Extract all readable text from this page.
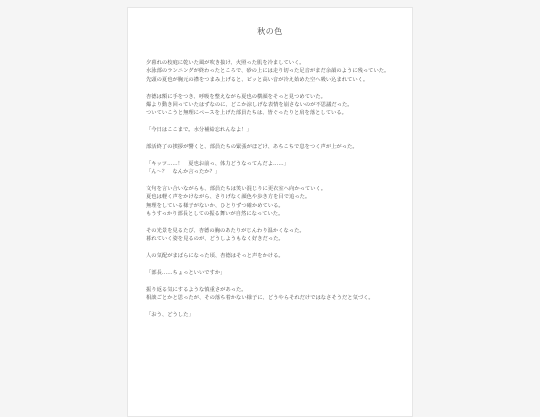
秋の色
夕暮れの校庭に乾いた風が吹き抜け、火照った肌を冷ましていく。
水泳部のランニングが終わったところで、砂の上には走り切った足音がまだ余韻のように残っていた。
先頭の夏也が胸元の襟をつまみ上げると、ピッと高い音が冷え始めた空へ吸い込まれていく。
杏德は額に手をつき、呼吸を整えながら夏也の横顔をそっと見つめていた。
爆より動き回っていたはずなのに、どこか涼しげな表情を崩さないのが不思議だった。
ついていこうと無理にペースを上げた部員たちは、皆ぐったりと肩を落としている。
「今日はここまで。水分補給忘れんなよ！」
部活終了の挨拶が響くと、部員たちの緊張がほどけ、あちこちで息をつく声が上がった。
「キッツ……！　夏也お前っ、体力どうなってんだよ……」
「ん～？　なんか言ったか？」
文句を言い合いながらも、部員たちは笑い混じりに更衣室へ向かっていく。
夏也は軽く声をかけながら、さりげなく顔色や歩き方を目で追った。
無理をしている様子がないか、ひとりずつ確かめている。
もうすっかり部長としての振る舞いが自然になっていた。
その光景を見るたび、杏德の胸のあたりがじんわり温かくなった。
暮れていく姿を見るのが、どうしようもなく好きだった。
人の気配がまばらになった頃、杏德はそっと声をかける。
「部長……ちょっといいですか」
振り返る気にするような慎重さがあった。
相談ごとかと思ったが、その落ち着かない様子に、どうやらそれだけではなさそうだと気づく。
「おう、どうした」
